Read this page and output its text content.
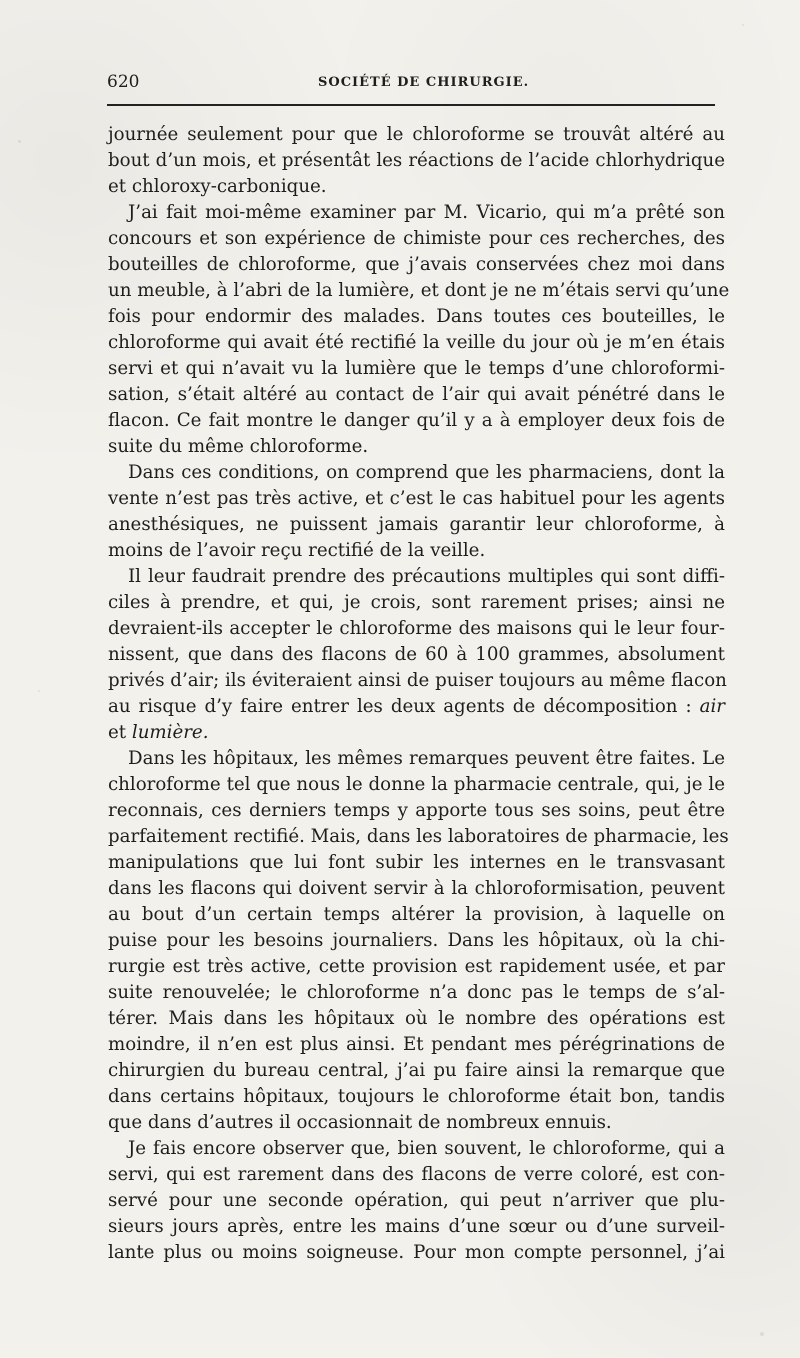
620	SOCIÉTÉ DE CHIRURGIE.
journée seulement pour que le chloroforme se trouvât altéré au
bout d’un mois, et présentât les réactions de l’acide chlorhydrique
et chloroxy-carbonique.
J’ai fait moi-même examiner par M. Vicario, qui m’a prêté son
concours et son expérience de chimiste pour ces recherches, des
bouteilles de chloroforme, que j’avais conservées chez moi dans
un meuble, à l’abri de la lumière, et dont je ne m’étais servi qu’une
fois pour endormir des malades. Dans toutes ces bouteilles, le
chloroforme qui avait été rectifié la veille du jour où je m’en étais
servi et qui n’avait vu la lumière que le temps d’une chloroformi-
sation, s’était altéré au contact de l’air qui avait pénétré dans le
flacon. Ce fait montre le danger qu’il y a à employer deux fois de
suite du même chloroforme.
Dans ces conditions, on comprend que les pharmaciens, dont la
vente n’est pas très active, et c’est le cas habituel pour les agents
anesthésiques, ne puissent jamais garantir leur chloroforme, à
moins de l’avoir reçu rectifié de la veille.
Il leur faudrait prendre des précautions multiples qui sont diffi-
ciles à prendre, et qui, je crois, sont rarement prises; ainsi ne
devraient-ils accepter le chloroforme des maisons qui le leur four-
nissent, que dans des flacons de 60 à 100 grammes, absolument
privés d’air; ils éviteraient ainsi de puiser toujours au même flacon
au risque d’y faire entrer les deux agents de décomposition : air
et lumière.
Dans les hôpitaux, les mêmes remarques peuvent être faites. Le
chloroforme tel que nous le donne la pharmacie centrale, qui, je le
reconnais, ces derniers temps y apporte tous ses soins, peut être
parfaitement rectifié. Mais, dans les laboratoires de pharmacie, les
manipulations que lui font subir les internes en le transvasant
dans les flacons qui doivent servir à la chloroformisation, peuvent
au bout d’un certain temps altérer la provision, à laquelle on
puise pour les besoins journaliers. Dans les hôpitaux, où la chi-
rurgie est très active, cette provision est rapidement usée, et par
suite renouvelée; le chloroforme n’a donc pas le temps de s’al-
térer. Mais dans les hôpitaux où le nombre des opérations est
moindre, il n’en est plus ainsi. Et pendant mes pérégrinations de
chirurgien du bureau central, j’ai pu faire ainsi la remarque que
dans certains hôpitaux, toujours le chloroforme était bon, tandis
que dans d’autres il occasionnait de nombreux ennuis.
Je fais encore observer que, bien souvent, le chloroforme, qui a
servi, qui est rarement dans des flacons de verre coloré, est con-
servé pour une seconde opération, qui peut n’arriver que plu-
sieurs jours après, entre les mains d’une sœur ou d’une surveil-
lante plus ou moins soigneuse. Pour mon compte personnel, j’ai
